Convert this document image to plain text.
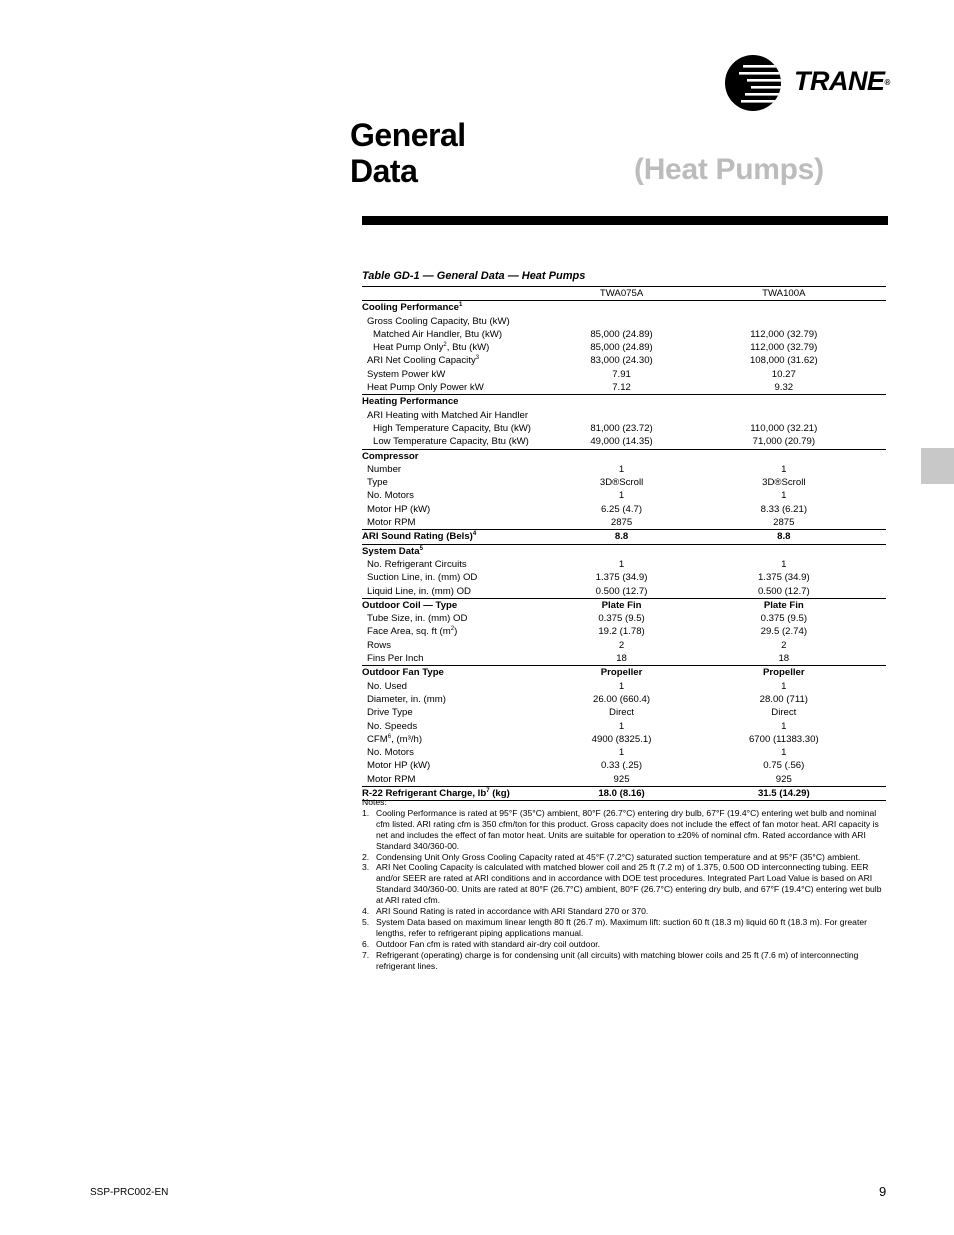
TRANE®
General
Data	(Heat Pumps)
Table GD-1 — General Data — Heat Pumps
	TWA075A	TWA100A
Cooling Performance$^1$		
Gross Cooling Capacity, Btu (kW)		
Matched Air Handler, Btu (kW)	85,000 (24.89)	112,000 (32.79)
Heat Pump Only$^2$, Btu (kW)	85,000 (24.89)	112,000 (32.79)
ARI Net Cooling Capacity$^3$	83,000 (24.30)	108,000 (31.62)
System Power kW	7.91	10.27
Heat Pump Only Power kW	7.12	9.32
Heating Performance		
ARI Heating with Matched Air Handler		
High Temperature Capacity, Btu (kW)	81,000 (23.72)	110,000 (32.21)
Low Temperature Capacity, Btu (kW)	49,000 (14.35)	71,000 (20.79)
Compressor		
Number	1	1
Type	3D®Scroll	3D®Scroll
No. Motors	1	1
Motor HP (kW)	6.25 (4.7)	8.33 (6.21)
Motor RPM	2875	2875
ARI Sound Rating (Bels)$^4$	8.8	8.8
System Data$^5$		
No. Refrigerant Circuits	1	1
Suction Line, in. (mm) OD	1.375 (34.9)	1.375 (34.9)
Liquid Line, in. (mm) OD	0.500 (12.7)	0.500 (12.7)
Outdoor Coil — Type	Plate Fin	Plate Fin
Tube Size, in. (mm) OD	0.375 (9.5)	0.375 (9.5)
Face Area, sq. ft $(m^2)$	19.2 (1.78)	29.5 (2.74)
Rows	2	2
Fins Per Inch	18	18
Outdoor Fan Type	Propeller	Propeller
No. Used	1	1
Diameter, in. (mm)	26.00 (660.4)	28.00 (711)
Drive Type	Direct	Direct
No. Speeds	1	1
CFM$^6$, (m³/h)	4900 (8325.1)	6700 (11383.30)
No. Motors	1	1
Motor HP (kW)	0.33 (.25)	0.75 (.56)
Motor RPM	925	925
R-22 Refrigerant Charge, $lb^7$ (kg)	18.0 (8.16)	31.5 (14.29)
Notes:
1. Cooling Performance is rated at 95°F (35°C) ambient, 80°F (26.7°C) entering dry bulb, 67°F (19.4°C) entering wet bulb and nominal cfm listed. ARI rating cfm is 350 cfm/ton for this product. Gross capacity does not include the effect of fan motor heat. ARI capacity is net and includes the effect of fan motor heat. Units are suitable for operation to ±20% of nominal cfm. Rated accordance with ARI Standard 340/360-00.
2. Condensing Unit Only Gross Cooling Capacity rated at 45°F (7.2°C) saturated suction temperature and at 95°F (35°C) ambient.
3. ARI Net Cooling Capacity is calculated with matched blower coil and 25 ft (7.2 m) of 1.375, 0.500 OD interconnecting tubing. EER and/or SEER are rated at ARI conditions and in accordance with DOE test procedures. Integrated Part Load Value is based on ARI Standard 340/360-00. Units are rated at 80°F (26.7°C) ambient, 80°F (26.7°C) entering dry bulb, and 67°F (19.4°C) entering wet bulb at ARI rated cfm.
4. ARI Sound Rating is rated in accordance with ARI Standard 270 or 370.
5. System Data based on maximum linear length 80 ft (26.7 m). Maximum lift: suction 60 ft (18.3 m) liquid 60 ft (18.3 m). For greater lengths, refer to refrigerant piping applications manual.
6. Outdoor Fan cfm is rated with standard air-dry coil outdoor.
7. Refrigerant (operating) charge is for condensing unit (all circuits) with matching blower coils and 25 ft (7.6 m) of interconnecting refrigerant lines.
SSP-PRC002-EN	9
